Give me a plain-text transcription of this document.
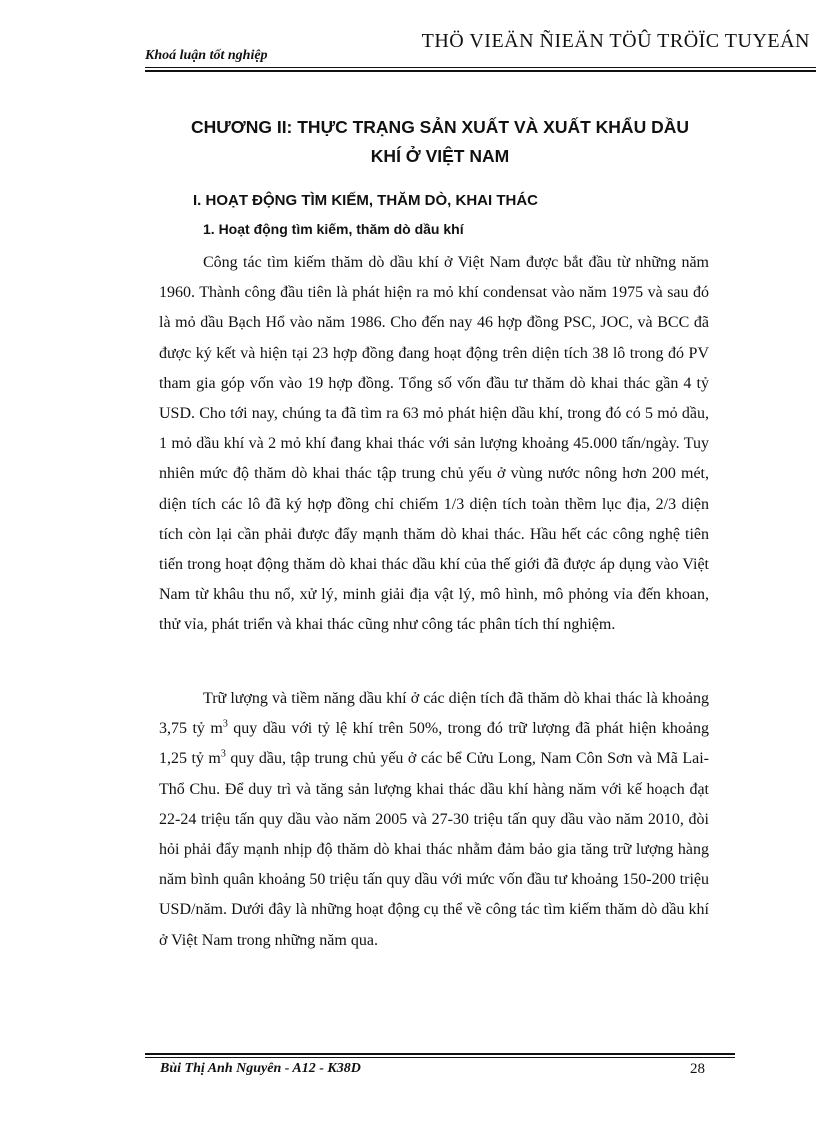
Khoá luận tốt nghiệp
THÖ VIEÄN ÑIEÄN TÖÛ TRÖÏC TUYEÁN
CHƯƠNG II: THỰC TRẠNG SẢN XUẤT VÀ XUẤT KHẨU DẦU
KHÍ Ở VIỆT NAM
I. HOẠT ĐỘNG TÌM KIẾM, THĂM DÒ, KHAI THÁC
1. Hoạt động tìm kiếm, thăm dò dầu khí

Công tác tìm kiếm thăm dò dầu khí ở Việt Nam được bắt đầu từ những năm 1960. Thành công đầu tiên là phát hiện ra mỏ khí condensat vào năm 1975 và sau đó là mỏ dầu Bạch Hổ vào năm 1986. Cho đến nay 46 hợp đồng PSC, JOC, và BCC đã được ký kết và hiện tại 23 hợp đồng đang hoạt động trên diện tích 38 lô trong đó PV tham gia góp vốn vào 19 hợp đồng. Tổng số vốn đầu tư thăm dò khai thác gần 4 tỷ USD. Cho tới nay, chúng ta đã tìm ra 63 mỏ phát hiện dầu khí, trong đó có 5 mỏ dầu, 1 mỏ dầu khí và 2 mỏ khí đang khai thác với sản lượng khoảng 45.000 tấn/ngày. Tuy nhiên mức độ thăm dò khai thác tập trung chủ yếu ở vùng nước nông hơn 200 mét, diện tích các lô đã ký hợp đồng chỉ chiếm 1/3 diện tích toàn thềm lục địa, 2/3 diện tích còn lại cần phải được đẩy mạnh thăm dò khai thác. Hầu hết các công nghệ tiên tiến trong hoạt động thăm dò khai thác dầu khí của thế giới đã được áp dụng vào Việt Nam từ khâu thu nổ, xử lý, minh giải địa vật lý, mô hình, mô phỏng vỉa đến khoan, thử vỉa, phát triển và khai thác cũng như công tác phân tích thí nghiệm.

Trữ lượng và tiềm năng dầu khí ở các diện tích đã thăm dò khai thác là khoảng 3,75 tỷ $m^3$ quy dầu với tỷ lệ khí trên 50%, trong đó trữ lượng đã phát hiện khoảng 1,25 tỷ $m^3$ quy dầu, tập trung chủ yếu ở các bể Cửu Long, Nam Côn Sơn và Mã Lai-Thổ Chu. Để duy trì và tăng sản lượng khai thác dầu khí hàng năm với kế hoạch đạt 22-24 triệu tấn quy dầu vào năm 2005 và 27-30 triệu tấn quy dầu vào năm 2010, đòi hỏi phải đẩy mạnh nhịp độ thăm dò khai thác nhằm đảm bảo gia tăng trữ lượng hàng năm bình quân khoảng 50 triệu tấn quy dầu với mức vốn đầu tư khoảng 150-200 triệu USD/năm. Dưới đây là những hoạt động cụ thể về công tác tìm kiếm thăm dò dầu khí ở Việt Nam trong những năm qua.

Bùi Thị Anh Nguyên - A12 - K38D	28
